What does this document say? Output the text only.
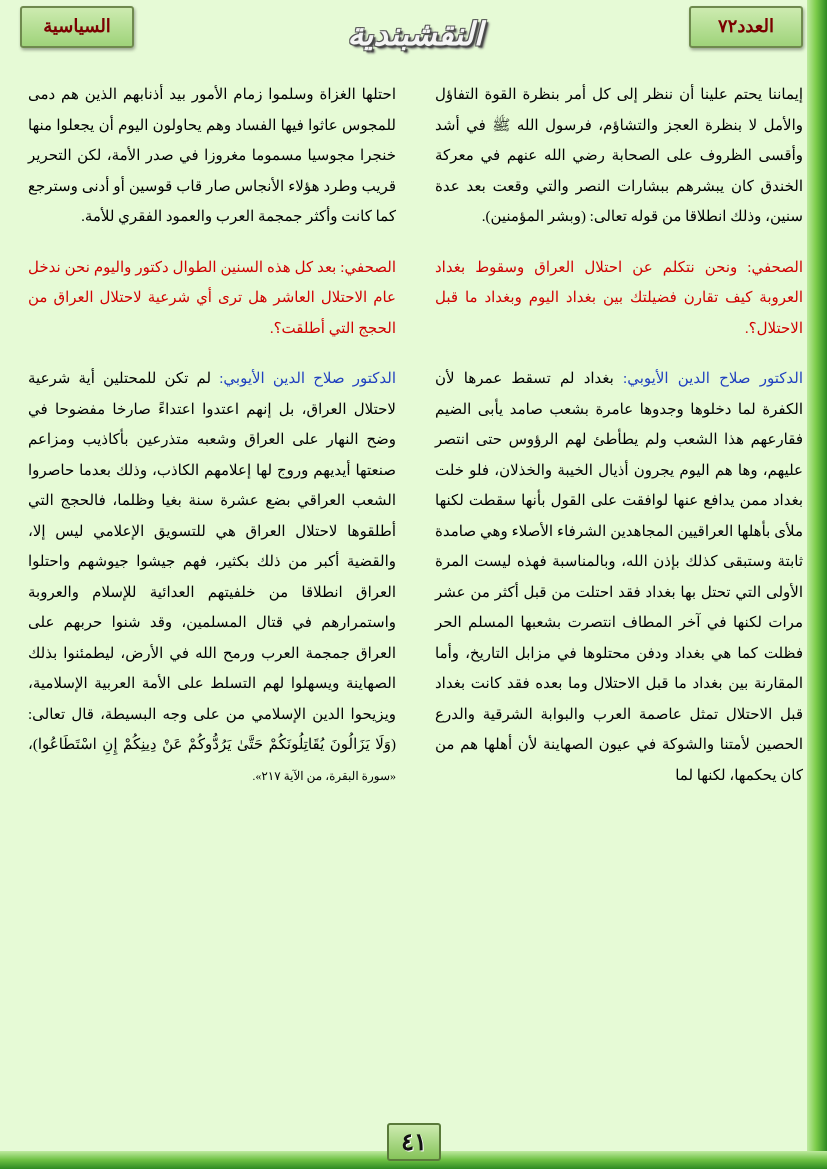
العدد٧٢
النقشبندية
السياسية

إيماننا يحتم علينا أن ننظر إلى كل أمر بنظرة القوة التفاؤل والأمل لا بنظرة العجز والتشاؤم، فرسول الله ﷺ في أشد وأقسى الظروف على الصحابة رضي الله عنهم في معركة الخندق كان يبشرهم ببشارات النصر والتي وقعت بعد عدة سنين، وذلك انطلاقا من قوله تعالى: (وبشر المؤمنين).

الصحفي: ونحن نتكلم عن احتلال العراق وسقوط بغداد العروبة كيف تقارن فضيلتك بين بغداد اليوم وبغداد ما قبل الاحتلال؟.

الدكتور صلاح الدين الأيوبي: بغداد لم تسقط عمرها لأن الكفرة لما دخلوها وجدوها عامرة بشعب صامد يأبى الضيم فقارعهم هذا الشعب ولم يطأطئ لهم الرؤوس حتى انتصر عليهم، وها هم اليوم يجرون أذيال الخيبة والخذلان، فلو خلت بغداد ممن يدافع عنها لوافقت على القول بأنها سقطت لكنها ملأى بأهلها العراقيين المجاهدين الشرفاء الأصلاء وهي صامدة ثابتة وستبقى كذلك بإذن الله، وبالمناسبة فهذه ليست المرة الأولى التي تحتل بها بغداد فقد احتلت من قبل أكثر من عشر مرات لكنها في آخر المطاف انتصرت بشعبها المسلم الحر فظلت كما هي بغداد ودفن محتلوها في مزابل التاريخ، وأما المقارنة بين بغداد ما قبل الاحتلال وما بعده فقد كانت بغداد قبل الاحتلال تمثل عاصمة العرب والبوابة الشرقية والدرع الحصين لأمتنا والشوكة في عيون الصهاينة لأن أهلها هم من كان يحكمها، لكنها لما

احتلها الغزاة وسلموا زمام الأمور بيد أذنابهم الذين هم دمى للمجوس عاثوا فيها الفساد وهم يحاولون اليوم أن يجعلوا منها خنجرا مجوسيا مسموما مغروزا في صدر الأمة، لكن التحرير قريب وطرد هؤلاء الأنجاس صار قاب قوسين أو أدنى وسترجع كما كانت وأكثر جمجمة العرب والعمود الفقري للأمة.

الصحفي: بعد كل هذه السنين الطوال دكتور واليوم نحن ندخل عام الاحتلال العاشر هل ترى أي شرعية لاحتلال العراق من الحجج التي أطلقت؟.

الدكتور صلاح الدين الأيوبي: لم تكن للمحتلين أية شرعية لاحتلال العراق، بل إنهم اعتدوا اعتداءً صارخا مفضوحا في وضح النهار على العراق وشعبه متذرعين بأكاذيب ومزاعم صنعتها أيديهم وروج لها إعلامهم الكاذب، وذلك بعدما حاصروا الشعب العراقي بضع عشرة سنة بغيا وظلما، فالحجج التي أطلقوها لاحتلال العراق هي للتسويق الإعلامي ليس إلا، والقضية أكبر من ذلك بكثير، فهم جيشوا جيوشهم واحتلوا العراق انطلاقا من خلفيتهم العدائية للإسلام والعروبة واستمرارهم في قتال المسلمين، وقد شنوا حربهم على العراق جمجمة العرب ورمح الله في الأرض، ليطمئنوا بذلك الصهاينة ويسهلوا لهم التسلط على الأمة العربية الإسلامية، ويزيحوا الدين الإسلامي من على وجه البسيطة، قال تعالى: (وَلَا يَزَالُونَ يُقَاتِلُونَكُمْ حَتَّىٰ يَرُدُّوكُمْ عَنْ دِينِكُمْ إِنِ اسْتَطَاعُوا)، «سورة البقرة، من الآية ٢١٧».

٤١
